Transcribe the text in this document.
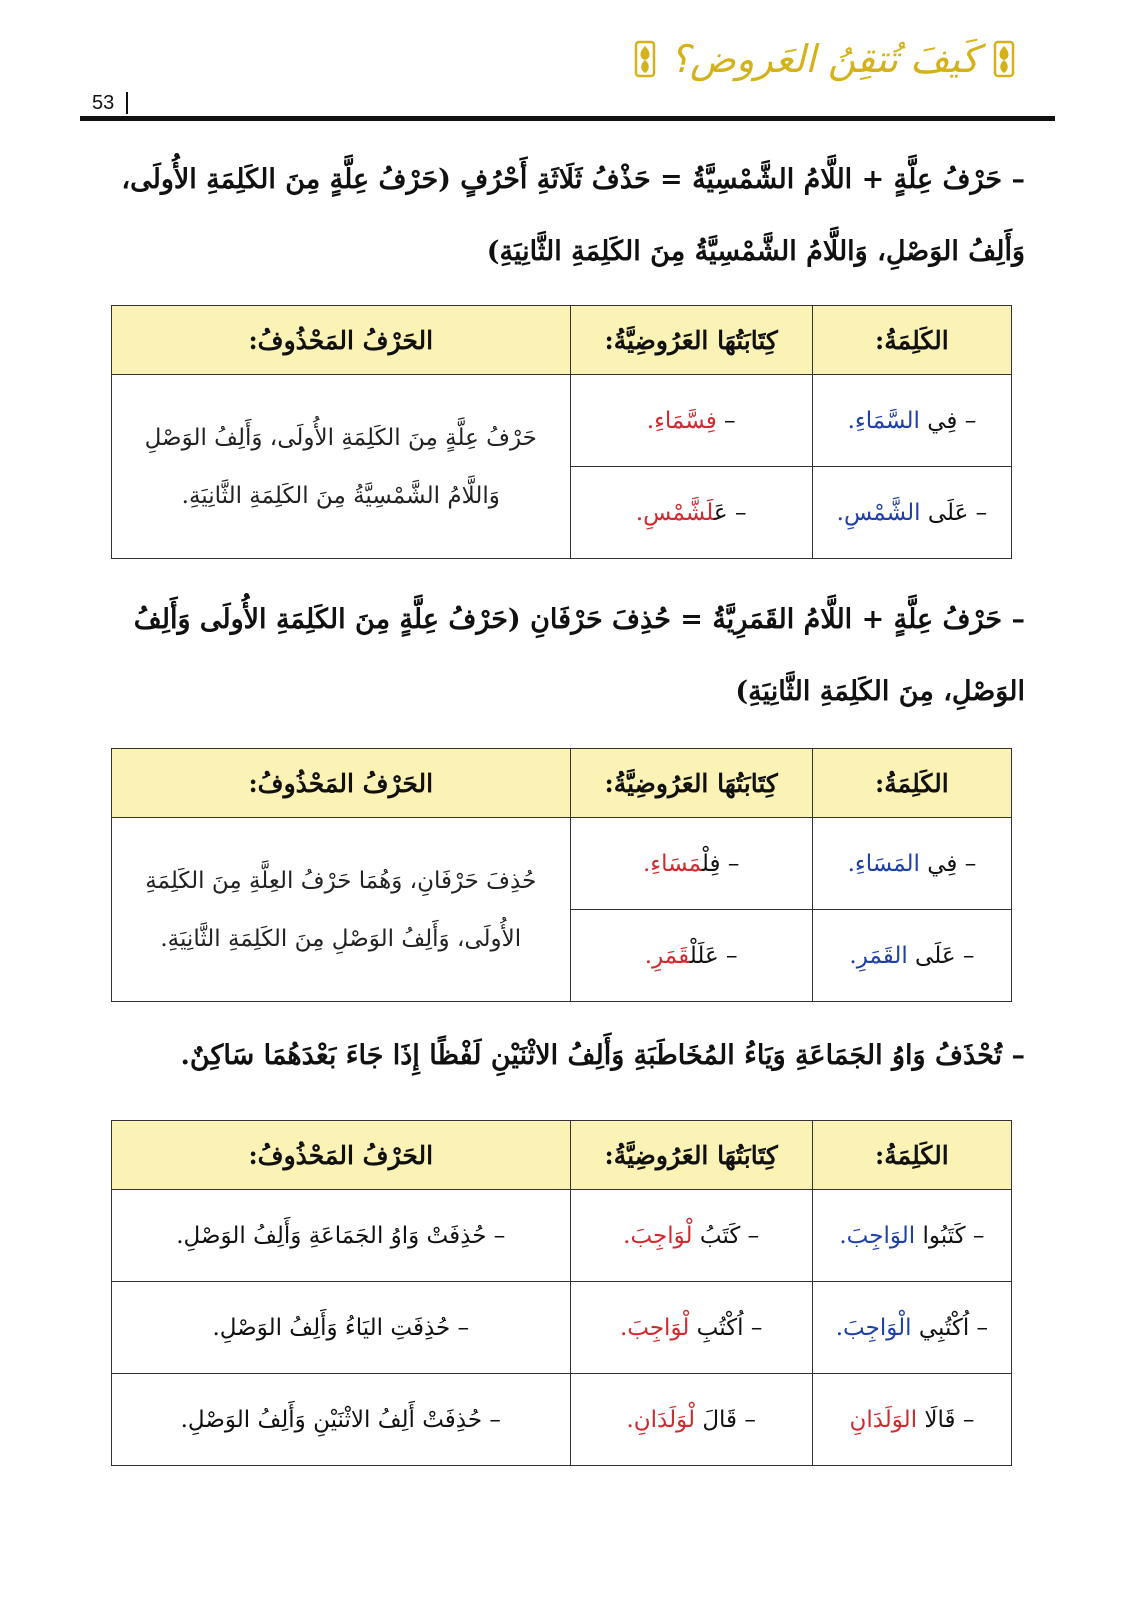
53
كَيفَ تُتقِنُ العَروض؟
– حَرْفُ عِلَّةٍ + اللَّامُ الشَّمْسِيَّةُ = حَذْفُ ثَلَاثَةِ أَحْرُفٍ (حَرْفُ عِلَّةٍ مِنَ الكَلِمَةِ الأُولَى، وَأَلِفُ الوَصْلِ، وَاللَّامُ الشَّمْسِيَّةُ مِنَ الكَلِمَةِ الثَّانِيَةِ)
الكَلِمَةُ:	كِتَابَتُهَا العَرُوضِيَّةُ:	الحَرْفُ المَحْذُوفُ:
– فِي السَّمَاءِ.	– فِسَّمَاءِ.	حَرْفُ عِلَّةٍ مِنَ الكَلِمَةِ الأُولَى، وَأَلِفُ الوَصْلِ وَاللَّامُ الشَّمْسِيَّةُ مِنَ الكَلِمَةِ الثَّانِيَةِ.
– عَلَى الشَّمْسِ.	– عَلَشَّمْسِ.	
– حَرْفُ عِلَّةٍ + اللَّامُ القَمَرِيَّةُ = حُذِفَ حَرْفَانِ (حَرْفُ عِلَّةٍ مِنَ الكَلِمَةِ الأُولَى وَأَلِفُ الوَصْلِ، مِنَ الكَلِمَةِ الثَّانِيَةِ)
الكَلِمَةُ:	كِتَابَتُهَا العَرُوضِيَّةُ:	الحَرْفُ المَحْذُوفُ:
– فِي المَسَاءِ.	– فِلْمَسَاءِ.	حُذِفَ حَرْفَانِ، وَهُمَا حَرْفُ العِلَّةِ مِنَ الكَلِمَةِ الأُولَى، وَأَلِفُ الوَصْلِ مِنَ الكَلِمَةِ الثَّانِيَةِ.
– عَلَى القَمَرِ.	– عَلَلْقَمَرِ.	
– تُحْذَفُ وَاوُ الجَمَاعَةِ وَيَاءُ المُخَاطَبَةِ وَأَلِفُ الاثْنَيْنِ لَفْظًا إِذَا جَاءَ بَعْدَهُمَا سَاكِنٌ.
الكَلِمَةُ:	كِتَابَتُهَا العَرُوضِيَّةُ:	الحَرْفُ المَحْذُوفُ:
– كَتَبُوا الوَاجِبَ.	– كَتَبُ لْوَاجِبَ.	– حُذِفَتْ وَاوُ الجَمَاعَةِ وَأَلِفُ الوَصْلِ.
– اُكْتُبِي الْوَاجِبَ.	– اُكْتُبِ لْوَاجِبَ.	– حُذِفَتِ اليَاءُ وَأَلِفُ الوَصْلِ.
– قَالَا الوَلَدَانِ	– قَالَ لْوَلَدَانِ.	– حُذِفَتْ أَلِفُ الاثْنَيْنِ وَأَلِفُ الوَصْلِ.
